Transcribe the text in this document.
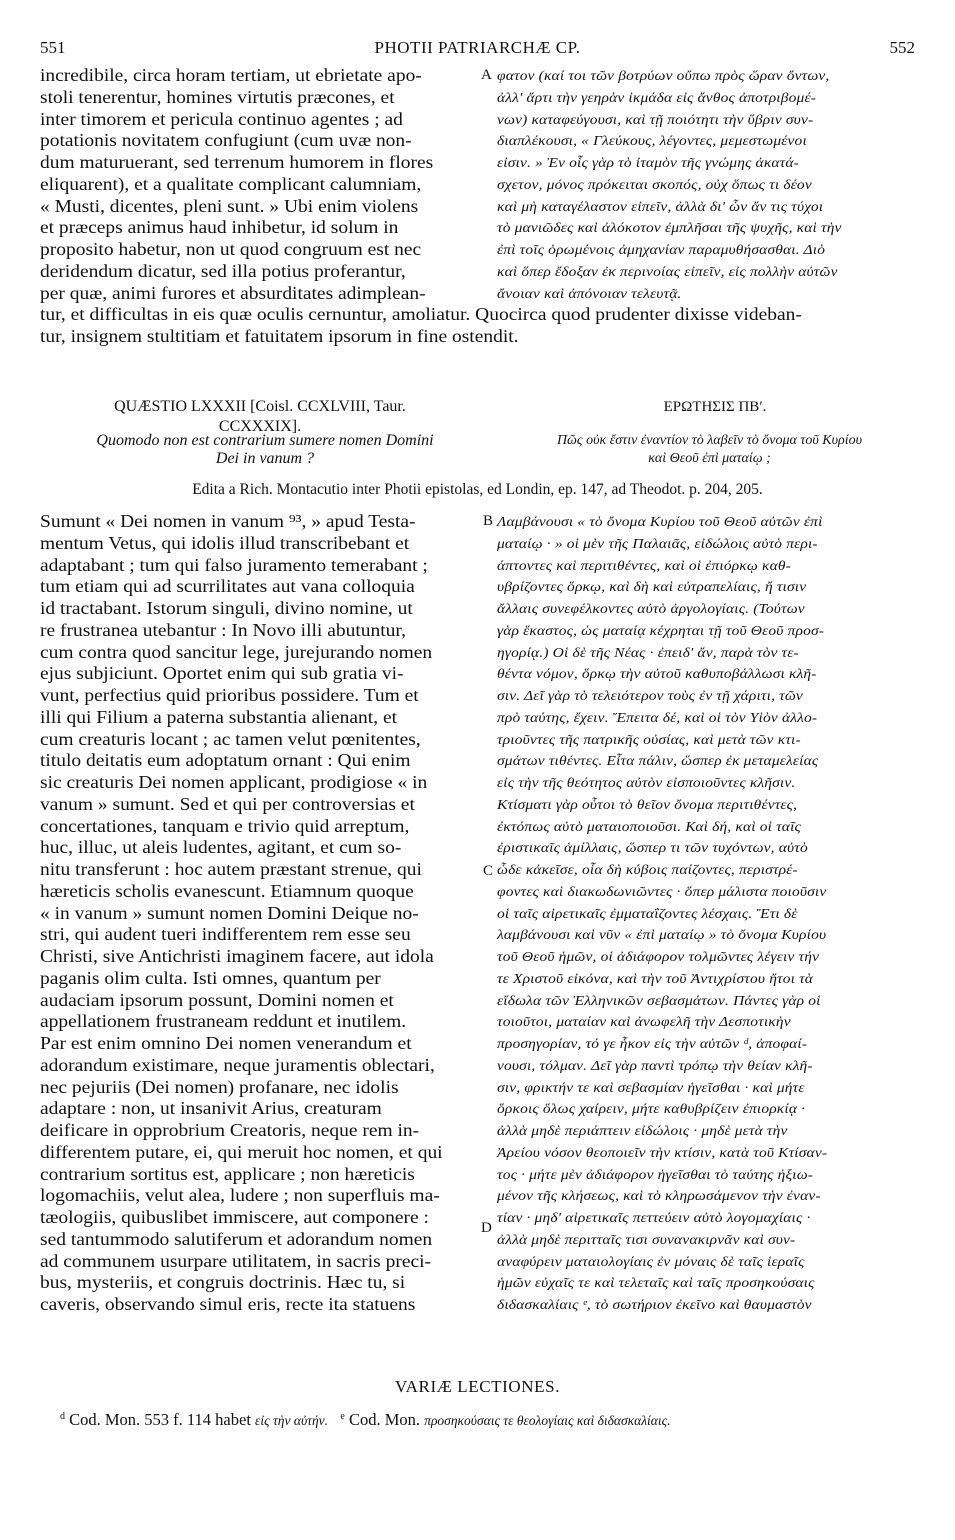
551	PHOTII PATRIARCHÆ CP.	552
incredibile, circa horam tertiam, ut ebrietate apo-
stoli tenerentur, homines virtutis præcones, et
inter timorem et pericula continuo agentes ; ad
potationis novitatem confugiunt (cum uvæ non-
dum maturuerant, sed terrenum humorem in flores
eliquarent), et a qualitate complicant calumniam,
« Musti, dicentes, pleni sunt. » Ubi enim violens
et præceps animus haud inhibetur, id solum in
proposito habetur, non ut quod congruum est nec
deridendum dicatur, sed illa potius proferantur,
per quæ, animi furores et absurditates adimplean-
φατον (καί τοι τῶν βοτρύων οὔπω πρὸς ὥραν ὄντων,
ἀλλ' ἄρτι τὴν γεηρὰν ἰκμάδα εἰς ἄνθος ἀποτριβομέ-
νων) καταφεύγουσι, καὶ τῇ ποιότητι τὴν ὕβριν συν-
διαπλέκουσι, « Γλεύκους, λέγοντες, μεμεστωμένοι
εἰσιν. » Ἐν οἷς γὰρ τὸ ἰταμὸν τῆς γνώμης ἀκατά-
σχετον, μόνος πρόκειται σκοπός, οὐχ ὅπως τι δέον
καὶ μὴ καταγέλαστον εἰπεῖν, ἀλλὰ δι' ὧν ἄν τις τύχοι
τὸ μανιῶδες καὶ ἀλόκοτον ἐμπλῆσαι τῆς ψυχῆς, καὶ τὴν
ἐπὶ τοῖς ὁρωμένοις ἀμηχανίαν παραμυθήσασθαι. Διὸ
καὶ ὅπερ ἔδοξαν ἐκ περινοίας εἰπεῖν, εἰς πολλὴν αὐτῶν
ἄνοιαν καὶ ἀπόνοιαν τελευτᾷ.
A
tur, et difficultas in eis quæ oculis cernuntur, amoliatur. Quocirca quod prudenter dixisse videban-
tur, insignem stultitiam et fatuitatem ipsorum in fine ostendit.
QUÆSTIO LXXXII [Coisl. CCXLVIII, Taur.
CCXXXIX].
ΕΡΩΤΗΣΙΣ ΠΒʹ.
Quomodo non est contrarium sumere nomen Domini
Dei in vanum ?
Πῶς οὐκ ἔστιν ἐναντίον τὸ λαβεῖν τὸ ὄνομα τοῦ Κυρίου
καὶ Θεοῦ ἐπὶ ματαίῳ ;
Edita a Rich. Montacutio inter Photii epistolas, ed Londin, ep. 147, ad Theodot. p. 204, 205.
Sumunt « Dei nomen in vanum ⁹³, » apud Testa-
mentum Vetus, qui idolis illud transcribebant et
adaptabant ; tum qui falso juramento temerabant ;
tum etiam qui ad scurrilitates aut vana colloquia
id tractabant. Istorum singuli, divino nomine, ut
re frustranea utebantur : In Novo illi abutuntur,
cum contra quod sancitur lege, jurejurando nomen
ejus subjiciunt. Oportet enim qui sub gratia vi-
vunt, perfectius quid prioribus possidere. Tum et
illi qui Filium a paterna substantia alienant, et
cum creaturis locant ; ac tamen velut pœnitentes,
titulo deitatis eum adoptatum ornant : Qui enim
sic creaturis Dei nomen applicant, prodigiose « in
vanum » sumunt. Sed et qui per controversias et
concertationes, tanquam e trivio quid arreptum,
huc, illuc, ut aleis ludentes, agitant, et cum so-
nitu transferunt : hoc autem præstant strenue, qui
hæreticis scholis evanescunt. Etiamnum quoque
« in vanum » sumunt nomen Domini Deique no-
stri, qui audent tueri indifferentem rem esse seu
Christi, sive Antichristi imaginem facere, aut idola
paganis olim culta. Isti omnes, quantum per
audaciam ipsorum possunt, Domini nomen et
appellationem frustraneam reddunt et inutilem.
Par est enim omnino Dei nomen venerandum et
adorandum existimare, neque juramentis oblectari,
nec pejuriis (Dei nomen) profanare, nec idolis
adaptare : non, ut insanivit Arius, creaturam
deificare in opprobrium Creatoris, neque rem in-
differentem putare, ei, qui meruit hoc nomen, et qui
contrarium sortitus est, applicare ; non hæreticis
logomachiis, velut alea, ludere ; non superfluis ma-
tæologiis, quibuslibet immiscere, aut componere :
sed tantummodo salutiferum et adorandum nomen
ad communem usurpare utilitatem, in sacris preci-
bus, mysteriis, et congruis doctrinis. Hæc tu, si
caveris, observando simul eris, recte ita statuens
Λαμβάνουσι « τὸ ὄνομα Κυρίου τοῦ Θεοῦ αὐτῶν ἐπὶ
ματαίῳ · » οἱ μὲν τῆς Παλαιᾶς, εἰδώλοις αὐτὸ περι-
άπτοντες καὶ περιτιθέντες, καὶ οἱ ἐπιόρκῳ καθ-
υβρίζοντες ὅρκῳ, καὶ δὴ καὶ εὐτραπελίαις, ἤ τισιν
ἄλλαις συνεφέλκοντες αὐτὸ ἀργολογίαις. (Τούτων
γὰρ ἕκαστος, ὡς ματαίᾳ κέχρηται τῇ τοῦ Θεοῦ προσ-
ηγορίᾳ.) Οἱ δὲ τῆς Νέας · ἐπειδ' ἄν, παρὰ τὸν τε-
θέντα νόμον, ὅρκῳ τὴν αὐτοῦ καθυποβάλλωσι κλῆ-
σιν. Δεῖ γὰρ τὸ τελειότερον τοὺς ἐν τῇ χάριτι, τῶν
πρὸ ταύτης, ἔχειν. Ἔπειτα δέ, καὶ οἱ τὸν Υἱὸν ἀλλο-
τριοῦντες τῆς πατρικῆς οὐσίας, καὶ μετὰ τῶν κτι-
σμάτων τιθέντες. Εἶτα πάλιν, ὥσπερ ἐκ μεταμελείας
εἰς τὴν τῆς θεότητος αὐτὸν εἰσποιοῦντες κλῆσιν.
Κτίσματι γὰρ οὗτοι τὸ θεῖον ὄνομα περιτιθέντες,
ἐκτόπως αὐτὸ ματαιοποιοῦσι. Καὶ δή, καὶ οἱ ταῖς
ἐριστικαῖς ἁμίλλαις, ὥσπερ τι τῶν τυχόντων, αὐτὸ
ὧδε κἀκεῖσε, οἷα δὴ κύβοις παίζοντες, περιστρέ-
φοντες καὶ διακωδωνιῶντες · ὅπερ μάλιστα ποιοῦσιν
οἱ ταῖς αἱρετικαῖς ἐμματαΐζοντες λέσχαις. Ἔτι δὲ
λαμβάνουσι καὶ νῦν « ἐπὶ ματαίῳ » τὸ ὄνομα Κυρίου
τοῦ Θεοῦ ἡμῶν, οἱ ἀδιάφορον τολμῶντες λέγειν τήν
τε Χριστοῦ εἰκόνα, καὶ τὴν τοῦ Ἀντιχρίστου ἤτοι τὰ
εἴδωλα τῶν Ἑλληνικῶν σεβασμάτων. Πάντες γὰρ οἱ
τοιοῦτοι, ματαίαν καὶ ἀνωφελῆ τὴν Δεσποτικὴν
προσηγορίαν, τό γε ἧκον εἰς τὴν αὐτῶν ᵈ, ἀποφαί-
νουσι, τόλμαν. Δεῖ γὰρ παντὶ τρόπῳ τὴν θείαν κλῆ-
σιν, φρικτήν τε καὶ σεβασμίαν ἡγεῖσθαι · καὶ μήτε
ὅρκοις ὅλως χαίρειν, μήτε καθυβρίζειν ἐπιορκίᾳ ·
ἀλλὰ μηδὲ περιάπτειν εἰδώλοις · μηδὲ μετὰ τὴν
Ἀρείου νόσον θεοποιεῖν τὴν κτίσιν, κατὰ τοῦ Κτίσαν-
τος · μήτε μὲν ἀδιάφορον ἡγεῖσθαι τὸ ταύτης ἠξιω-
μένον τῆς κλήσεως, καὶ τὸ κληρωσάμενον τὴν ἐναν-
τίαν · μηδ' αἱρετικαῖς πεττεύειν αὐτὸ λογομαχίαις ·
ἀλλὰ μηδὲ περιτταῖς τισι συνανακιρνᾶν καὶ συν-
αναφύρειν ματαιολογίαις ἐν μόναις δὲ ταῖς ἱεραῖς
ἡμῶν εὐχαῖς τε καὶ τελεταῖς καὶ ταῖς προσηκούσαις
διδασκαλίαις ᵉ, τὸ σωτήριον ἐκεῖνο καὶ θαυμαστὸν
B
C
D
VARIÆ LECTIONES.
$^d$ Cod. Mon. 553 f. 114 habet εἰς τὴν αὐτήν. $^e$ Cod. Mon. προσηκούσαις τε θεολογίαις καὶ διδασκαλίαις.
